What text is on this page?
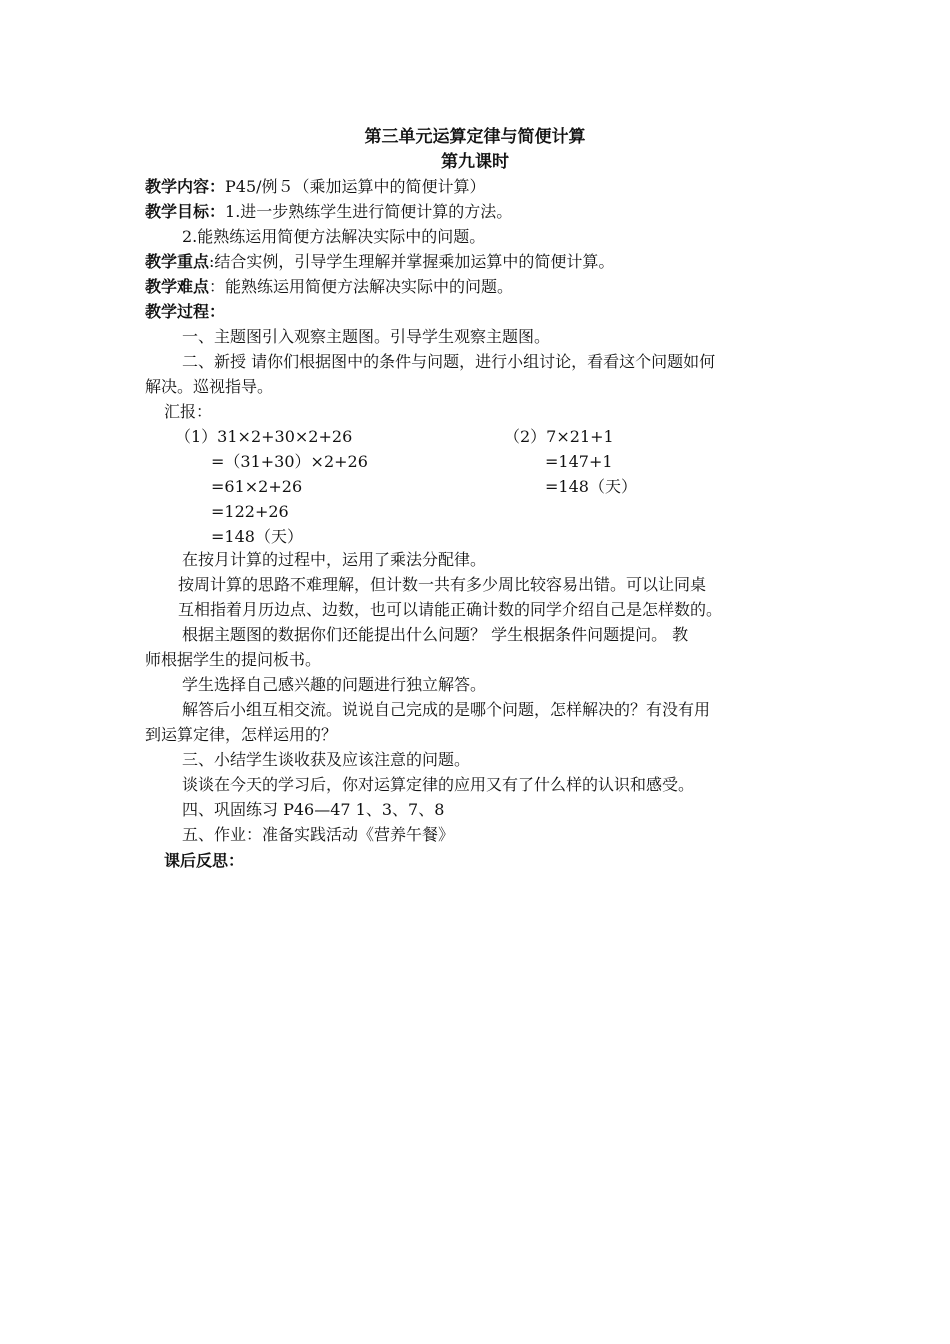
第三单元运算定律与简便计算
第九课时
教学内容：P45/例５（乘加运算中的简便计算）
教学目标：1.进一步熟练学生进行简便计算的方法。
2.能熟练运用简便方法解决实际中的问题。
教学重点:结合实例，引导学生理解并掌握乘加运算中的简便计算。
教学难点：能熟练运用简便方法解决实际中的问题。
教学过程：
一、主题图引入观察主题图。引导学生观察主题图。
二、新授 请你们根据图中的条件与问题，进行小组讨论，看看这个问题如何
解决。巡视指导。
汇报：
（1）31×2+30×2+26
=（31+30）×2+26
=61×2+26
=122+26
=148（天）
（2）7×21+1
=147+1
=148（天）
在按月计算的过程中，运用了乘法分配律。
按周计算的思路不难理解，但计数一共有多少周比较容易出错。可以让同桌
互相指着月历边点、边数，也可以请能正确计数的同学介绍自己是怎样数的。
根据主题图的数据你们还能提出什么问题？ 学生根据条件问题提问。 教
师根据学生的提问板书。
学生选择自己感兴趣的问题进行独立解答。
解答后小组互相交流。说说自己完成的是哪个问题，怎样解决的？有没有用
到运算定律，怎样运用的？
三、小结学生谈收获及应该注意的问题。
谈谈在今天的学习后，你对运算定律的应用又有了什么样的认识和感受。
四、巩固练习 P46—47 1、3、7、8
五、作业：准备实践活动《营养午餐》
课后反思：
